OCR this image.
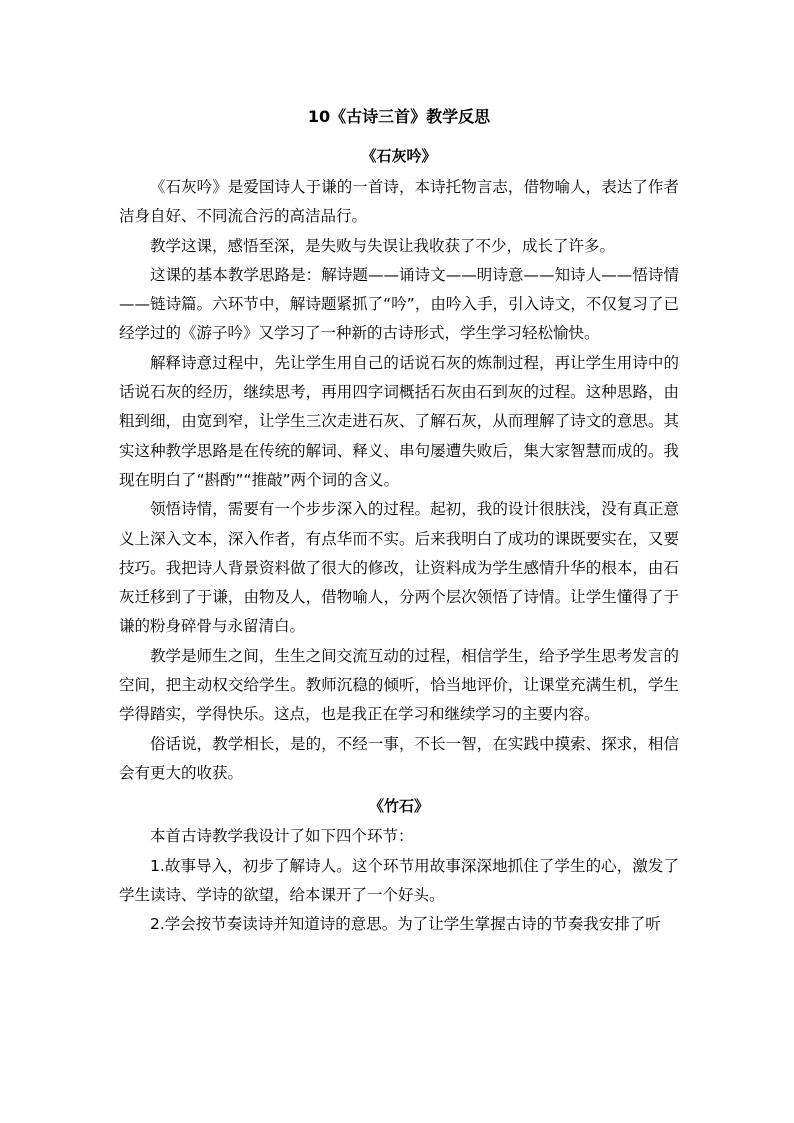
10《古诗三首》教学反思
《石灰吟》

《石灰吟》是爱国诗人于谦的一首诗，本诗托物言志，借物喻人，表达了作者洁身自好、不同流合污的高洁品行。

教学这课，感悟至深，是失败与失误让我收获了不少，成长了许多。

这课的基本教学思路是：解诗题——诵诗文——明诗意——知诗人——悟诗情——链诗篇。六环节中，解诗题紧抓了“吟”，由吟入手，引入诗文，不仅复习了已经学过的《游子吟》又学习了一种新的古诗形式，学生学习轻松愉快。

解释诗意过程中，先让学生用自己的话说石灰的炼制过程，再让学生用诗中的话说石灰的经历，继续思考，再用四字词概括石灰由石到灰的过程。这种思路，由粗到细，由宽到窄，让学生三次走进石灰、了解石灰，从而理解了诗文的意思。其实这种教学思路是在传统的解词、释义、串句屡遭失败后，集大家智慧而成的。我现在明白了“斟酌”“推敲”两个词的含义。

领悟诗情，需要有一个步步深入的过程。起初，我的设计很肤浅，没有真正意义上深入文本，深入作者，有点华而不实。后来我明白了成功的课既要实在，又要技巧。我把诗人背景资料做了很大的修改，让资料成为学生感情升华的根本，由石灰迁移到了于谦，由物及人，借物喻人，分两个层次领悟了诗情。让学生懂得了于谦的粉身碎骨与永留清白。

教学是师生之间，生生之间交流互动的过程，相信学生，给予学生思考发言的空间，把主动权交给学生。教师沉稳的倾听，恰当地评价，让课堂充满生机，学生学得踏实，学得快乐。这点，也是我正在学习和继续学习的主要内容。

俗话说，教学相长，是的，不经一事，不长一智，在实践中摸索、探求，相信会有更大的收获。

《竹石》

本首古诗教学我设计了如下四个环节：

1.故事导入，初步了解诗人。这个环节用故事深深地抓住了学生的心，激发了学生读诗、学诗的欲望，给本课开了一个好头。

2.学会按节奏读诗并知道诗的意思。为了让学生掌握古诗的节奏我安排了听
